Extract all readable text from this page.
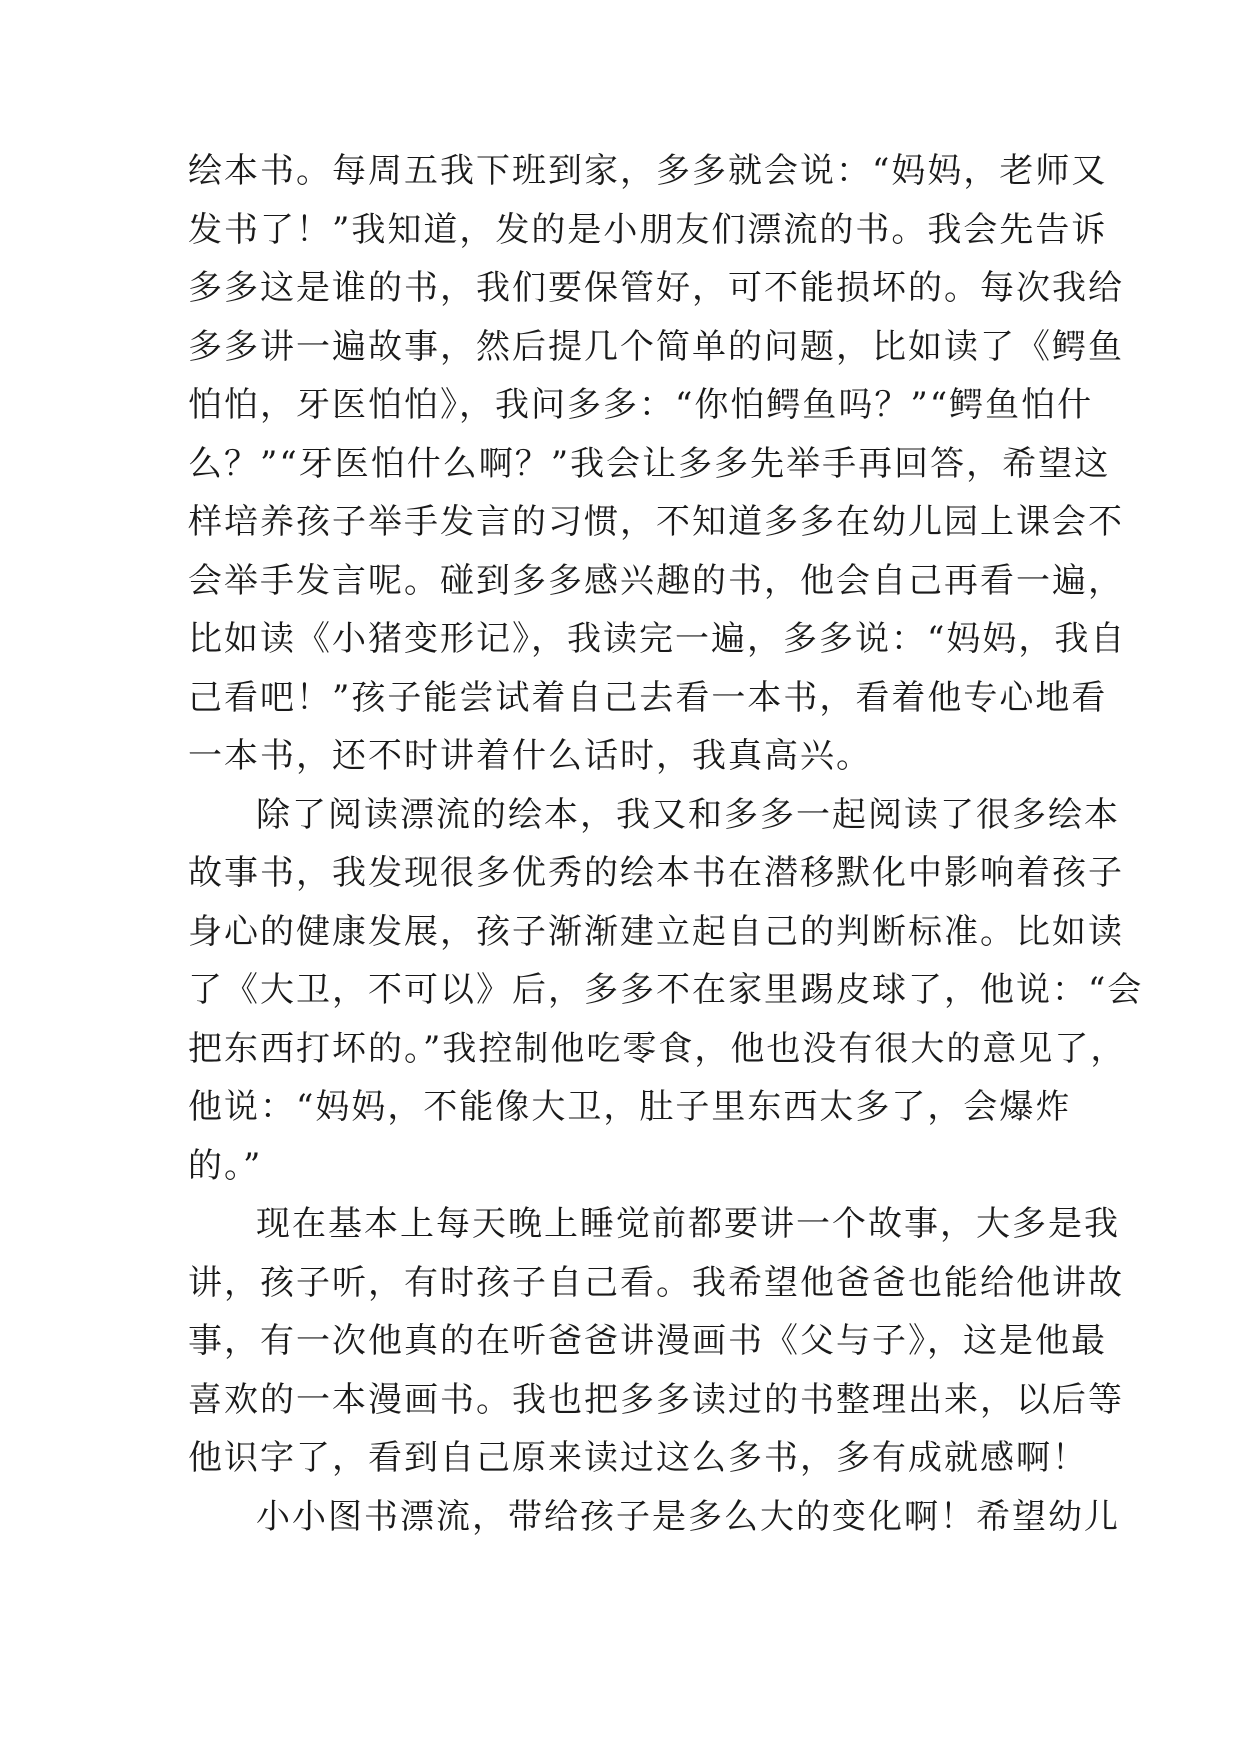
绘本书。每周五我下班到家，多多就会说：“妈妈，老师又
发书了！”我知道，发的是小朋友们漂流的书。我会先告诉
多多这是谁的书，我们要保管好，可不能损坏的。每次我给
多多讲一遍故事，然后提几个简单的问题，比如读了《鳄鱼
怕怕，牙医怕怕》，我问多多：“你怕鳄鱼吗？”“鳄鱼怕什
么？”“牙医怕什么啊？”我会让多多先举手再回答，希望这
样培养孩子举手发言的习惯，不知道多多在幼儿园上课会不
会举手发言呢。碰到多多感兴趣的书，他会自己再看一遍，
比如读《小猪变形记》，我读完一遍，多多说：“妈妈，我自
己看吧！”孩子能尝试着自己去看一本书，看着他专心地看
一本书，还不时讲着什么话时，我真高兴。
除了阅读漂流的绘本，我又和多多一起阅读了很多绘本
故事书，我发现很多优秀的绘本书在潜移默化中影响着孩子
身心的健康发展，孩子渐渐建立起自己的判断标准。比如读
了《大卫，不可以》后，多多不在家里踢皮球了，他说：“会
把东西打坏的。”我控制他吃零食，他也没有很大的意见了，
他说：“妈妈，不能像大卫，肚子里东西太多了，会爆炸
的。”
现在基本上每天晚上睡觉前都要讲一个故事，大多是我
讲，孩子听，有时孩子自己看。我希望他爸爸也能给他讲故
事，有一次他真的在听爸爸讲漫画书《父与子》，这是他最
喜欢的一本漫画书。我也把多多读过的书整理出来，以后等
他识字了，看到自己原来读过这么多书，多有成就感啊！
小小图书漂流，带给孩子是多么大的变化啊！希望幼儿
